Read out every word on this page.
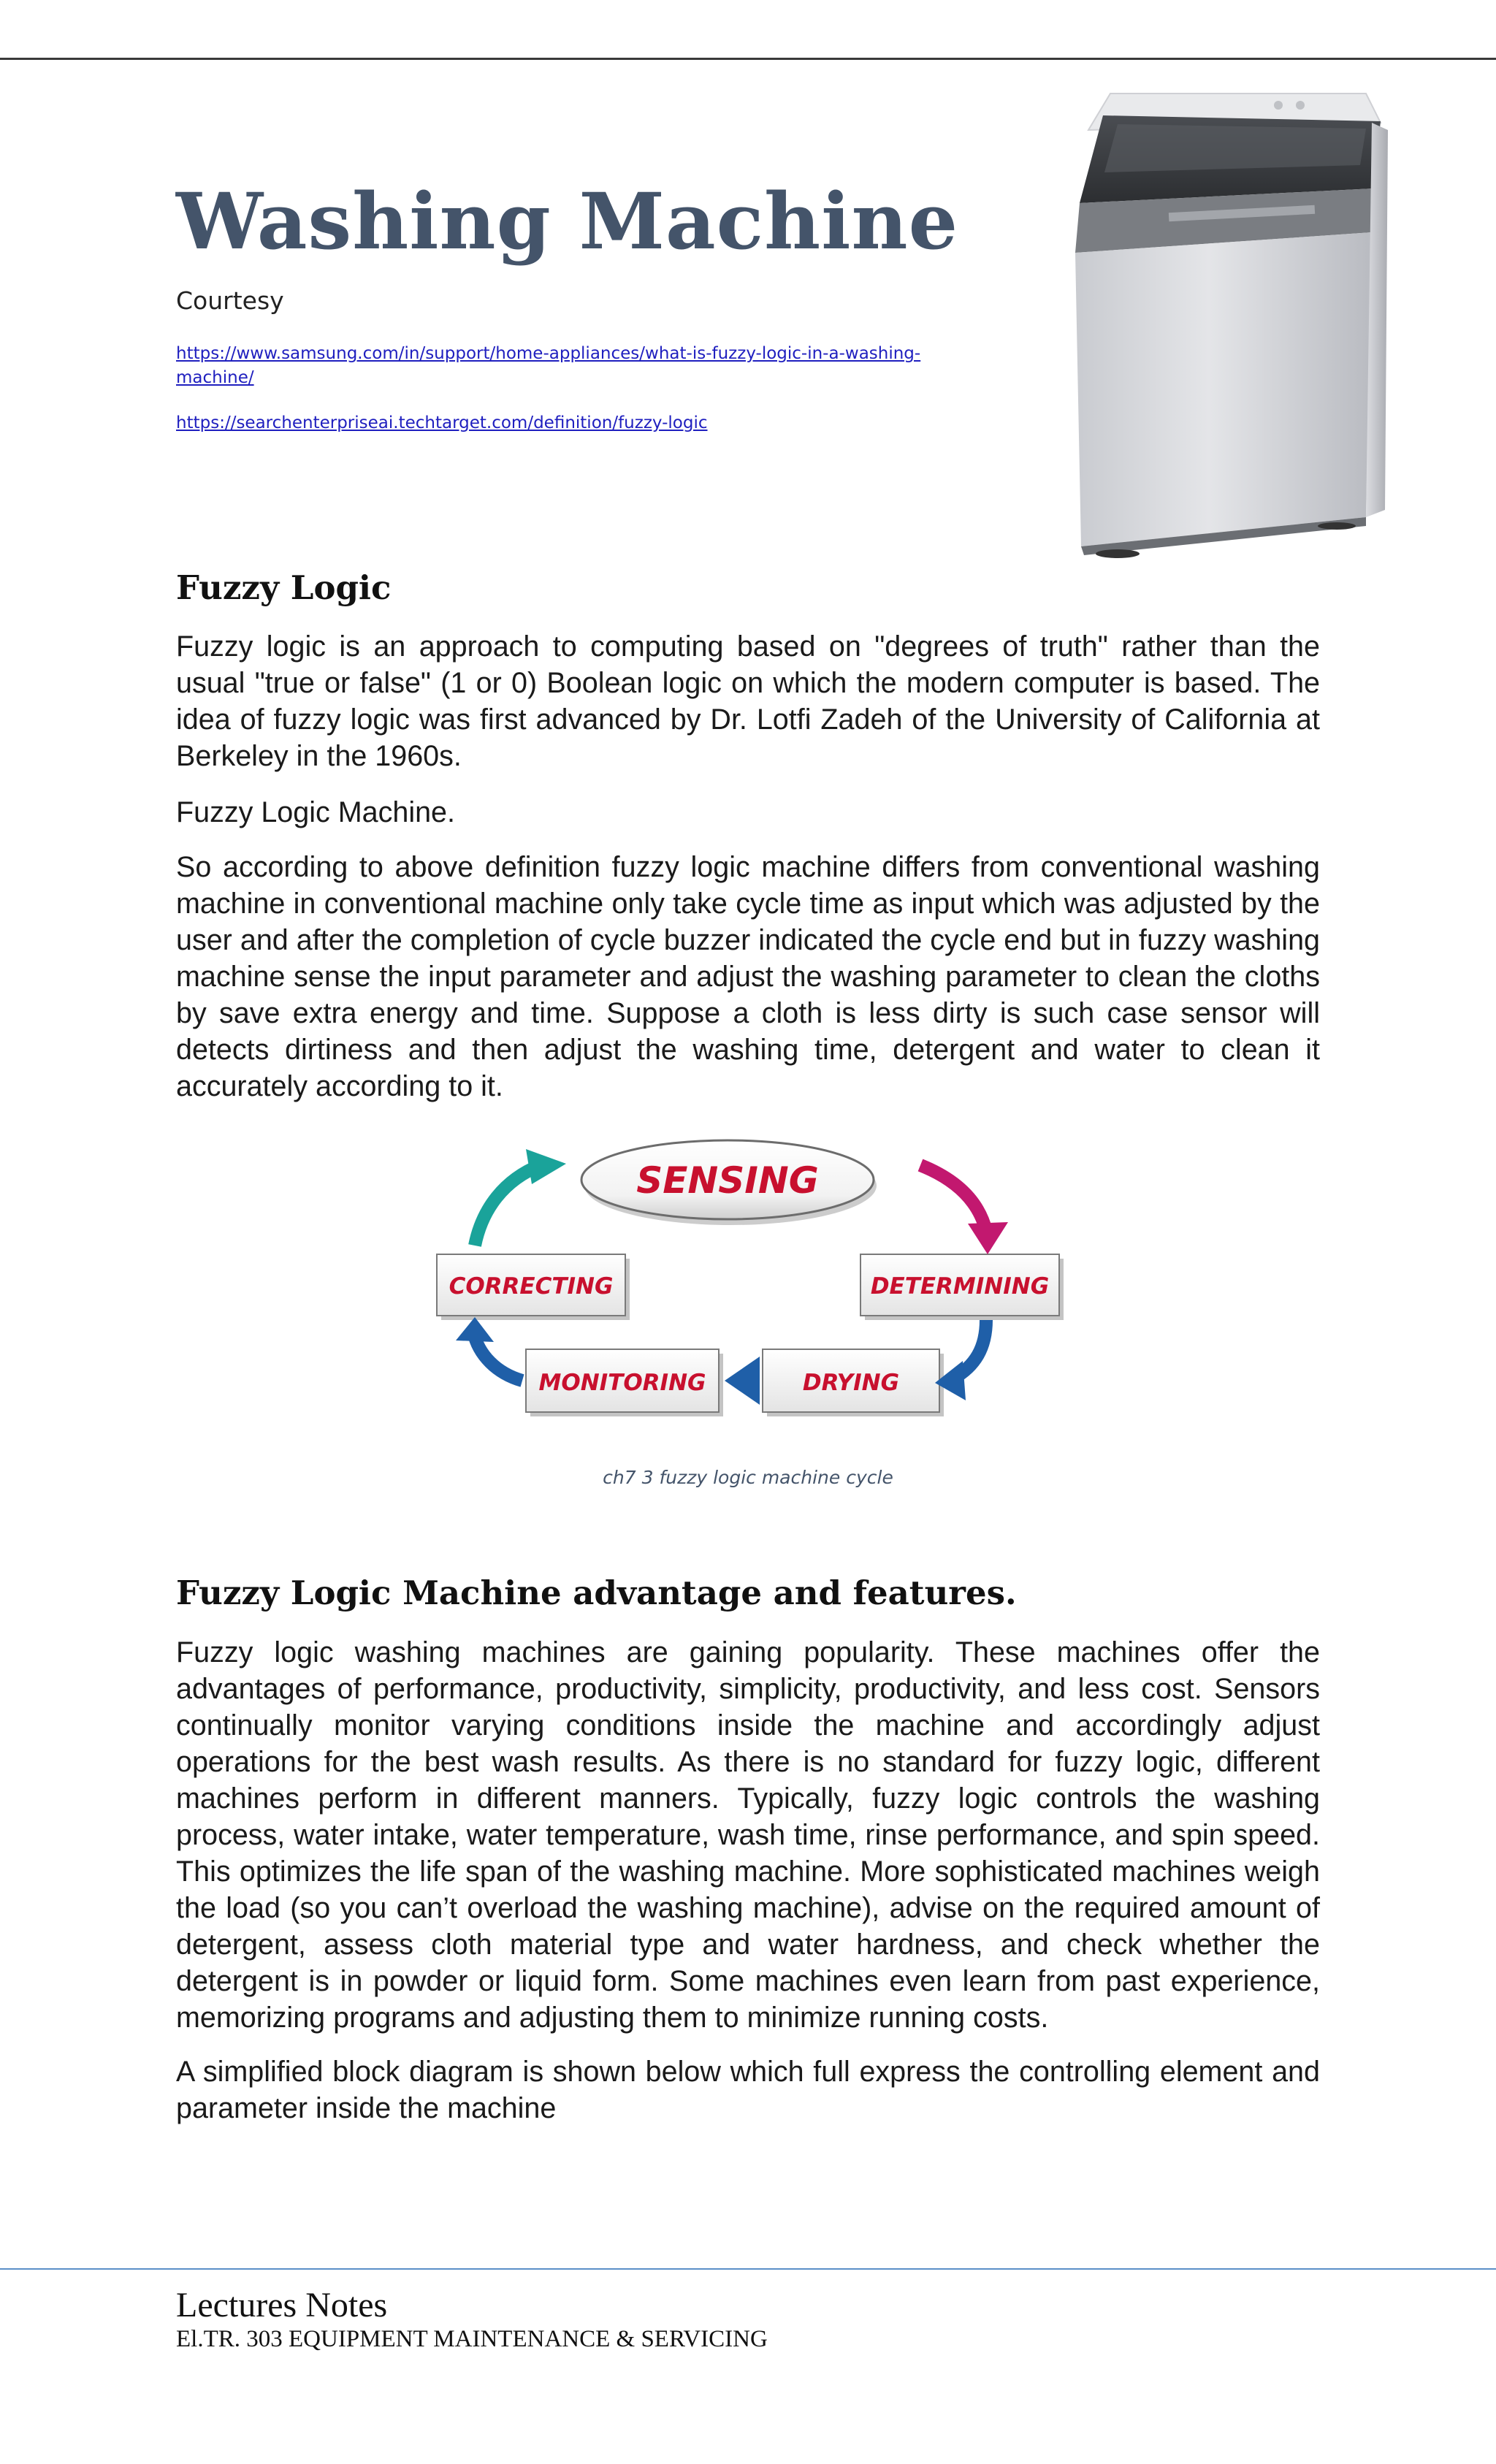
Washing Machine
Courtesy
https://www.samsung.com/in/support/home-appliances/what-is-fuzzy-logic-in-a-washing-machine/
https://searchenterpriseai.techtarget.com/definition/fuzzy-logic
Fuzzy Logic

Fuzzy logic is an approach to computing based on "degrees of truth" rather than the usual "true or false" (1 or 0) Boolean logic on which the modern computer is based. The idea of fuzzy logic was first advanced by Dr. Lotfi Zadeh of the University of California at Berkeley in the 1960s.

Fuzzy Logic Machine.

So according to above definition fuzzy logic machine differs from conventional washing machine in conventional machine only take cycle time as input which was adjusted by the user and after the completion of cycle buzzer indicated the cycle end but in fuzzy washing machine sense the input parameter and adjust the washing parameter to clean the cloths by save extra energy and time. Suppose a cloth is less dirty is such case sensor will detects dirtiness and then adjust the washing time, detergent and water to clean it accurately according to it.

SENSING
CORRECTING	DETERMINING
MONITORING	DRYING
ch7 3 fuzzy logic machine cycle
Fuzzy Logic Machine advantage and features.

Fuzzy logic washing machines are gaining popularity. These machines offer the advantages of performance, productivity, simplicity, productivity, and less cost. Sensors continually monitor varying conditions inside the machine and accordingly adjust operations for the best wash results. As there is no standard for fuzzy logic, different machines perform in different manners. Typically, fuzzy logic controls the washing process, water intake, water temperature, wash time, rinse performance, and spin speed. This optimizes the life span of the washing machine. More sophisticated machines weigh the load (so you can’t overload the washing machine), advise on the required amount of detergent, assess cloth material type and water hardness, and check whether the detergent is in powder or liquid form. Some machines even learn from past experience, memorizing programs and adjusting them to minimize running costs.

A simplified block diagram is shown below which full express the controlling element and parameter inside the machine

Lectures Notes
El.TR. 303 EQUIPMENT MAINTENANCE & SERVICING
